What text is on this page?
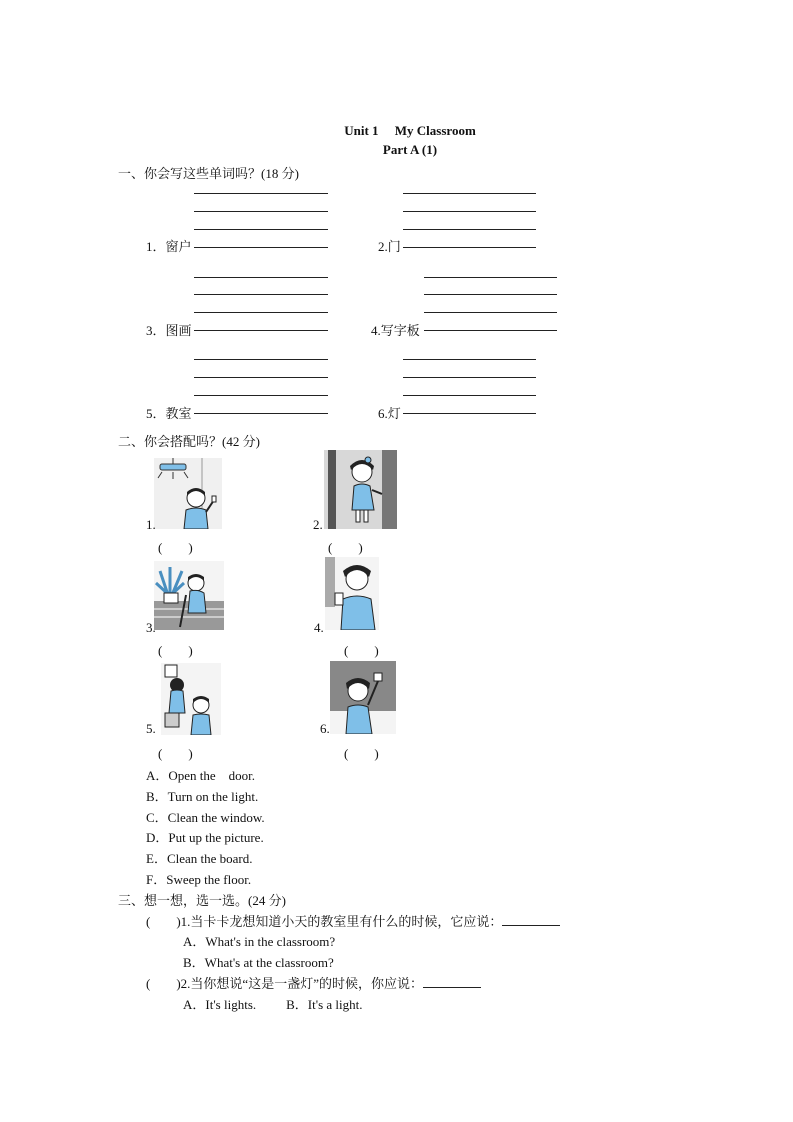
Unit 1　 My Classroom
Part A (1)
一、你会写这些单词吗？(18 分)
1．窗户	2.门
3．图画	4.写字板
5．教室	6.灯
二、你会搭配吗？(42 分)
1.
(　　)
2.
(　　)
3.
(　　)
4.
(　　)
5.
(　　)
6.
(　　)
A．Open the　door.
B．Turn on the light.
C．Clean the window.
D．Put up the picture.
E．Clean the board.
F．Sweep the floor.
三、想一想，选一选。(24 分)
(　　)1.当卡卡龙想知道小天的教室里有什么的时候，它应说：
A．What's in the classroom?
B．What's at the classroom?
(　　)2.当你想说“这是一盏灯”的时候，你应说：
A．It's lights. B．It's a light.
